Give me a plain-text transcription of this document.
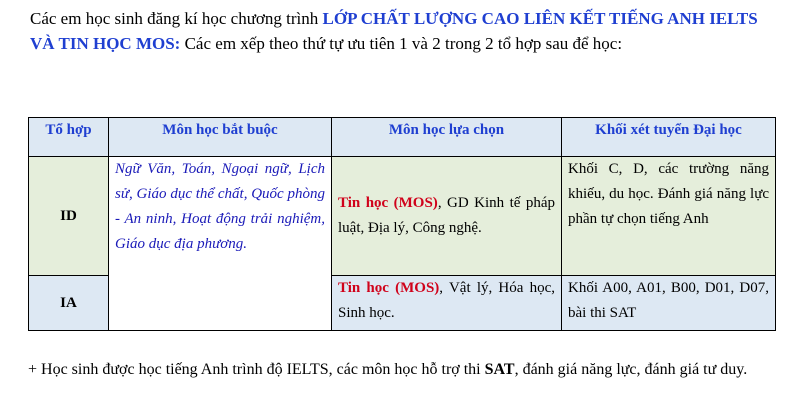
Các em học sinh đăng kí học chương trình LỚP CHẤT LƯỢNG CAO LIÊN KẾT TIẾNG ANH IELTS VÀ TIN HỌC MOS: Các em xếp theo thứ tự ưu tiên 1 và 2 trong 2 tổ hợp sau để học:
Tổ hợp	Môn học bắt buộc	Môn học lựa chọn	Khối xét tuyển Đại học
ID	Ngữ Văn, Toán, Ngoại ngữ, Lịch sử, Giáo dục thể chất, Quốc phòng - An ninh, Hoạt động trải nghiệm, Giáo dục địa phương.	Tin học (MOS), GD Kinh tế pháp luật, Địa lý, Công nghệ.	Khối C, D, các trường năng khiếu, du học. Đánh giá năng lực phần tự chọn tiếng Anh
IA		Tin học (MOS), Vật lý, Hóa học, Sinh học.	Khối A00, A01, B00, D01, D07, bài thi SAT
+ Học sinh được học tiếng Anh trình độ IELTS, các môn học hỗ trợ thi SAT, đánh giá năng lực, đánh giá tư duy.
